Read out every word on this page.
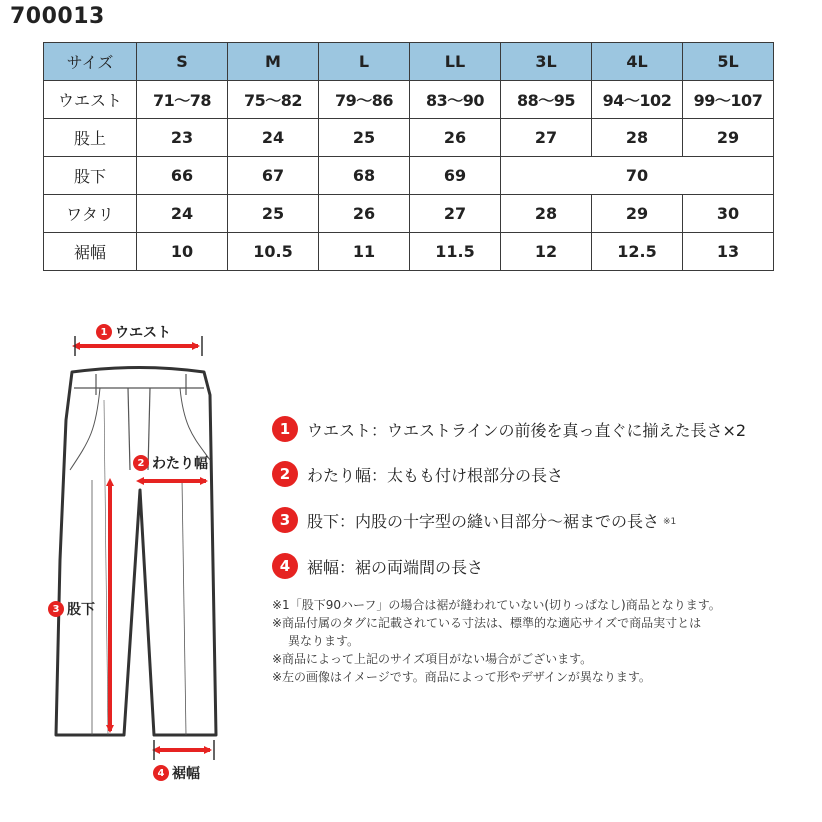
700013
サイズ	S	M	L	LL	3L	4L	5L
ウエスト	71〜78	75〜82	79〜86	83〜90	88〜95	94〜102	99〜107
股上	23	24	25	26	27	28	29
股下	66	67	68	69	70		
ワタリ	24	25	26	27	28	29	30
裾幅	10	10.5	11	11.5	12	12.5	13
1 ウエスト
2 わたり幅
3 股下
4 裾幅
1	ウエスト：ウエストラインの前後を真っ直ぐに揃えた長さ×2
2	わたり幅：太もも付け根部分の長さ
3	股下：内股の十字型の縫い目部分〜裾までの長さ ※1
4	裾幅：裾の両端間の長さ
※1「股下90ハーフ」の場合は裾が縫われていない(切りっぱなし)商品となります。
※商品付属のタグに記載されている寸法は、標準的な適応サイズで商品実寸とは
異なります。
※商品によって上記のサイズ項目がない場合がございます。
※左の画像はイメージです。商品によって形やデザインが異なります。
